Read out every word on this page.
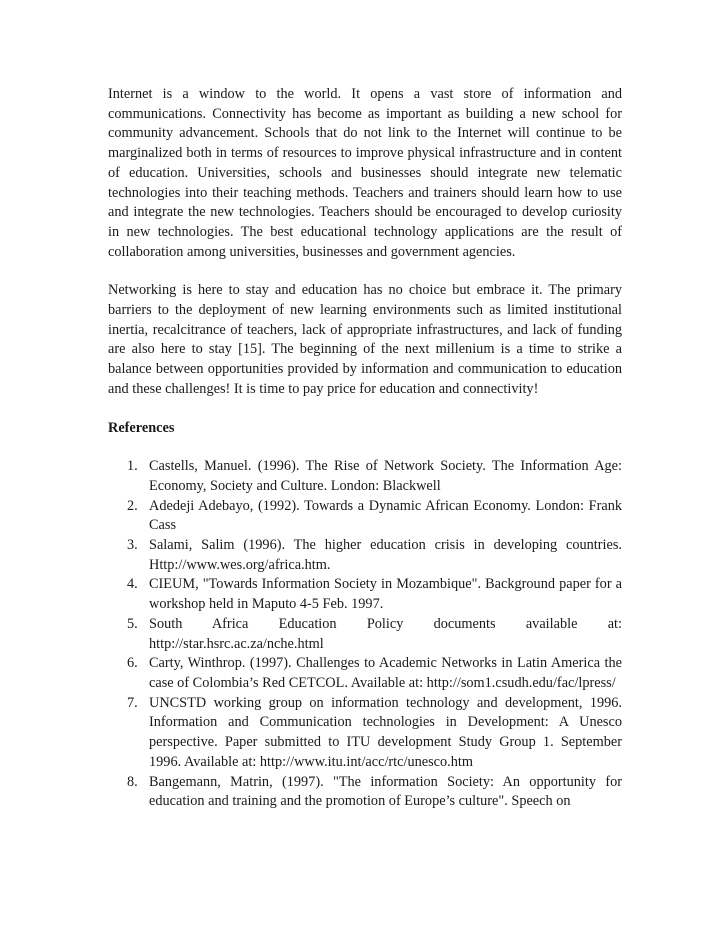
Internet is a window to the world. It opens a vast store of information and communications. Connectivity has become as important as building a new school for community advancement. Schools that do not link to the Internet will continue to be marginalized both in terms of resources to improve physical infrastructure and in content of education. Universities, schools and businesses should integrate new telematic technologies into their teaching methods. Teachers and trainers should learn how to use and integrate the new technologies. Teachers should be encouraged to develop curiosity in new technologies. The best educational technology applications are the result of collaboration among universities, businesses and government agencies.

Networking is here to stay and education has no choice but embrace it. The primary barriers to the deployment of new learning environments such as limited institutional inertia, recalcitrance of teachers, lack of appropriate infrastructures, and lack of funding are also here to stay [15]. The beginning of the next millenium is a time to strike a balance between opportunities provided by information and communication to education and these challenges! It is time to pay price for education and connectivity!

References
1. Castells, Manuel. (1996). The Rise of Network Society. The Information Age: Economy, Society and Culture. London: Blackwell
2. Adedeji Adebayo, (1992). Towards a Dynamic African Economy. London: Frank Cass
3. Salami, Salim (1996). The higher education crisis in developing countries. Http://www.wes.org/africa.htm.
4. CIEUM, "Towards Information Society in Mozambique". Background paper for a workshop held in Maputo 4-5 Feb. 1997.
5. South Africa Education Policy documents available at: http://star.hsrc.ac.za/nche.html
6. Carty, Winthrop. (1997). Challenges to Academic Networks in Latin America the case of Colombia’s Red CETCOL. Available at: http://som1.csudh.edu/fac/lpress/
7. UNCSTD working group on information technology and development, 1996. Information and Communication technologies in Development: A Unesco perspective. Paper submitted to ITU development Study Group 1. September 1996. Available at: http://www.itu.int/acc/rtc/unesco.htm
8. Bangemann, Matrin, (1997). "The information Society: An opportunity for education and training and the promotion of Europe’s culture". Speech on
